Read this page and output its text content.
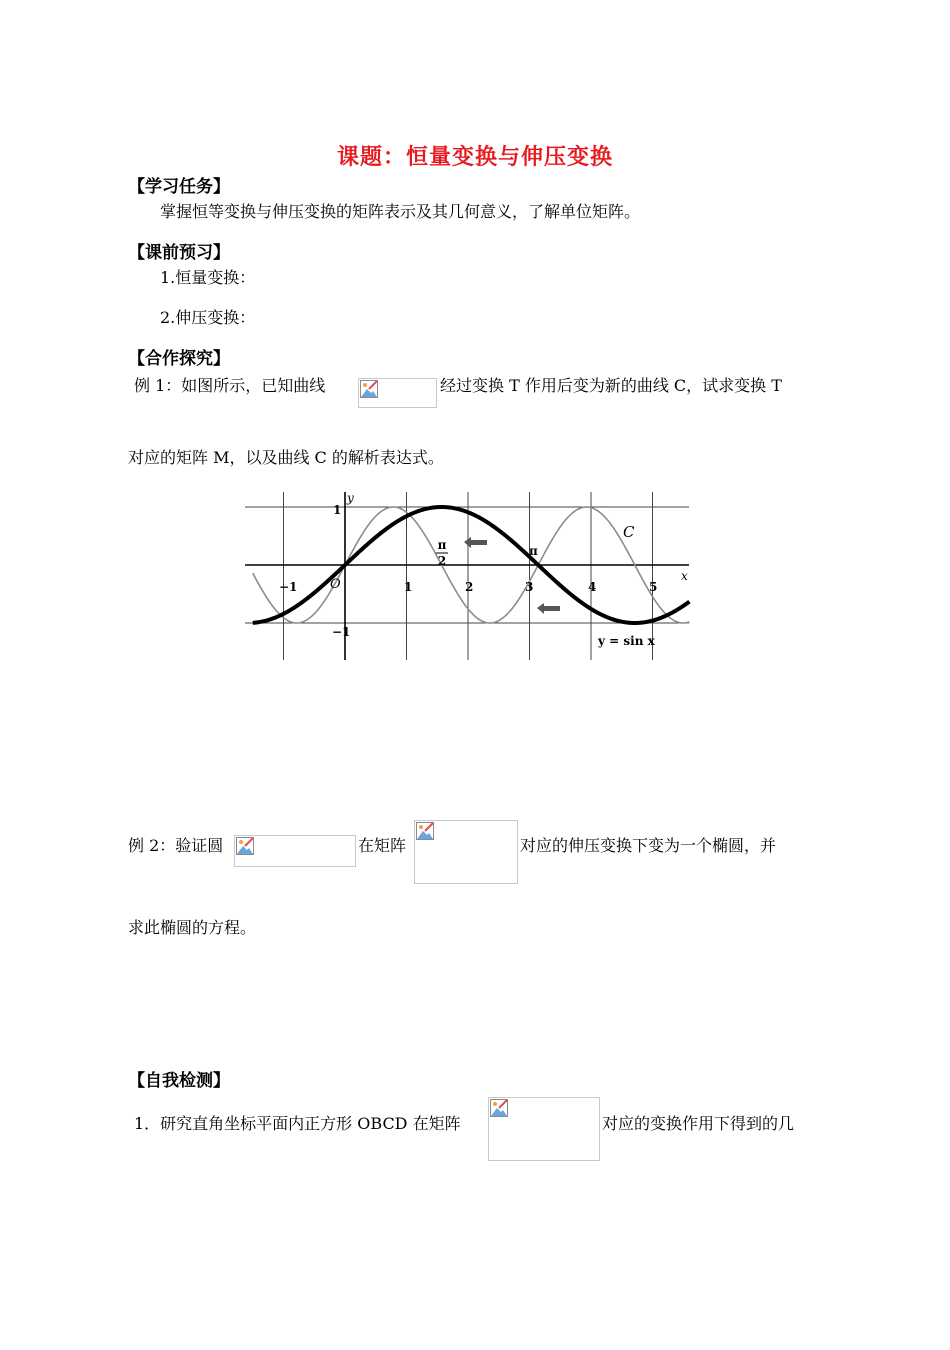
课题：恒量变换与伸压变换
【学习任务】
掌握恒等变换与伸压变换的矩阵表示及其几何意义，了解单位矩阵。
【课前预习】
1.恒量变换：
2.伸压变换：
【合作探究】
例 1：如图所示，已知曲线	经过变换 T 作用后变为新的曲线 C，试求变换 T
对应的矩阵 M，以及曲线 C 的解析表达式。
y
x
O
−1	1	2	3	4	5
1
−1
π
2
π
C
y = sin x
例 2：验证圆	在矩阵	对应的伸压变换下变为一个椭圆，并
求此椭圆的方程。
【自我检测】
1．研究直角坐标平面内正方形 OBCD 在矩阵	对应的变换作用下得到的几
